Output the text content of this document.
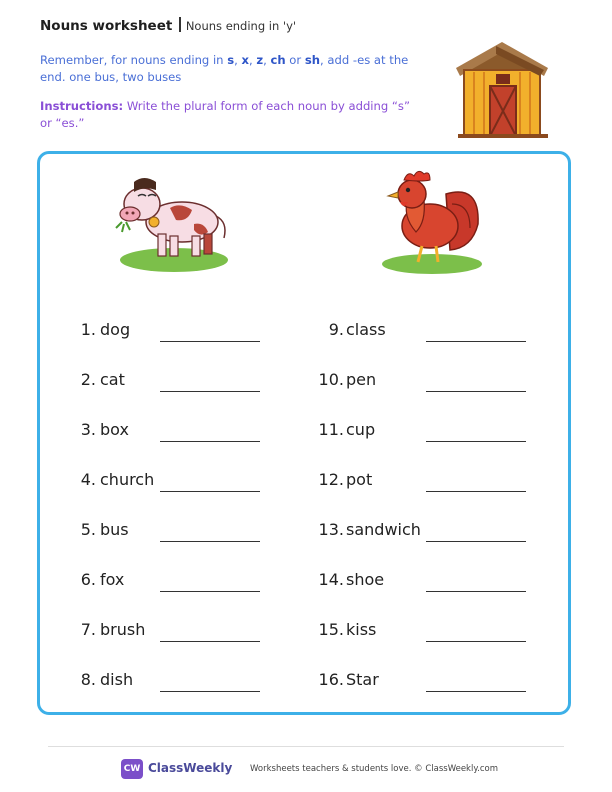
Nouns worksheet Nouns ending in 'y'
Remember, for nouns ending in s, x, z, ch or sh, add -es at the end. one bus, two buses
Instructions: Write the plural form of each noun by adding “s” or “es.”
1. dog
2. cat
3. box
4. church
5. bus
6. fox
7. brush
8. dish
9. class
10. pen
11. cup
12. pot
13. sandwich
14. shoe
15. kiss
16. Star
CW ClassWeekly Worksheets teachers & students love. © ClassWeekly.com
